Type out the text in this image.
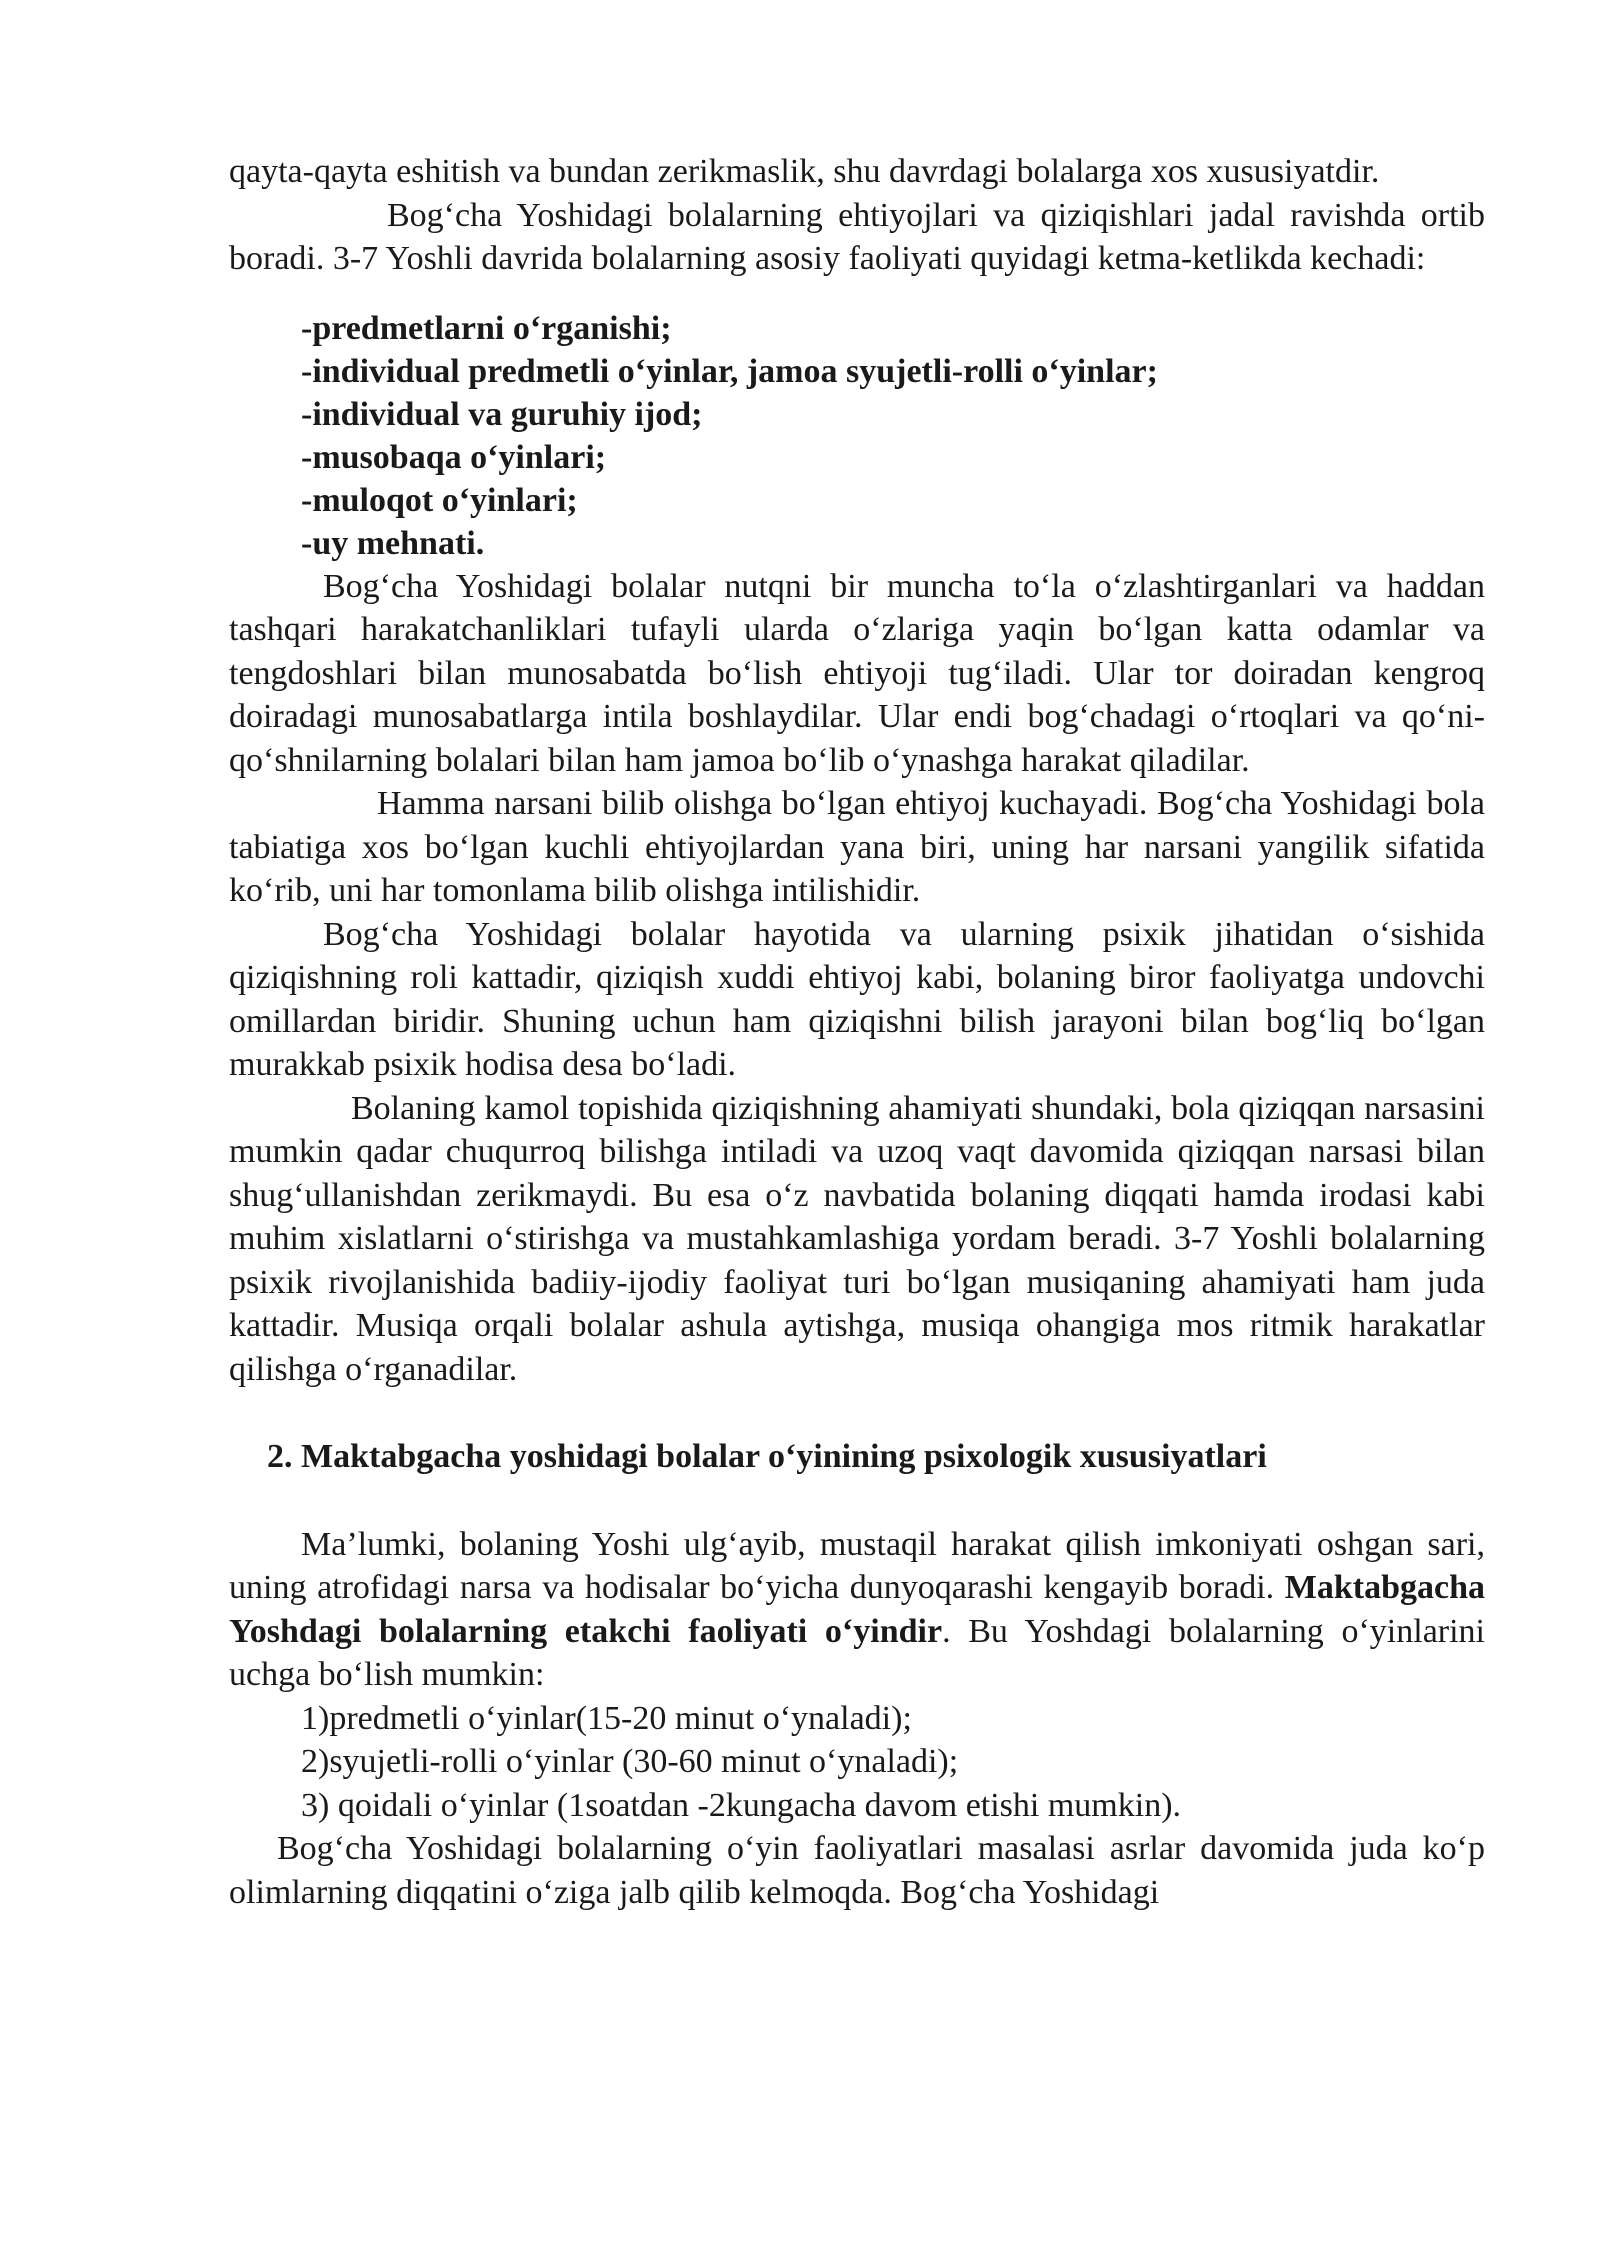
qayta-qayta eshitish va bundan zerikmaslik, shu davrdagi bolalarga xos xususiyatdir.

Bog‘cha Yoshidagi bolalarning ehtiyojlari va qiziqishlari jadal ravishda ortib boradi. 3-7 Yoshli davrida bolalarning asosiy faoliyati quyidagi ketma-ketlikda kechadi:

-predmetlarni o‘rganishi;
-individual predmetli o‘yinlar, jamoa syujetli-rolli o‘yinlar;
-individual va guruhiy ijod;
-musobaqa o‘yinlari;
-muloqot o‘yinlari;
-uy mehnati.

Bog‘cha Yoshidagi bolalar nutqni bir muncha to‘la o‘zlashtirganlari va haddan tashqari harakatchanliklari tufayli ularda o‘zlariga yaqin bo‘lgan katta odamlar va tengdoshlari bilan munosabatda bo‘lish ehtiyoji tug‘iladi. Ular tor doiradan kengroq doiradagi munosabatlarga intila boshlaydilar. Ular endi bog‘chadagi o‘rtoqlari va qo‘ni-qo‘shnilarning bolalari bilan ham jamoa bo‘lib o‘ynashga harakat qiladilar.

Hamma narsani bilib olishga bo‘lgan ehtiyoj kuchayadi. Bog‘cha Yoshidagi bola tabiatiga xos bo‘lgan kuchli ehtiyojlardan yana biri, uning har narsani yangilik sifatida ko‘rib, uni har tomonlama bilib olishga intilishidir.

Bog‘cha Yoshidagi bolalar hayotida va ularning psixik jihatidan o‘sishida qiziqishning roli kattadir, qiziqish xuddi ehtiyoj kabi, bolaning biror faoliyatga undovchi omillardan biridir. Shuning uchun ham qiziqishni bilish jarayoni bilan bog‘liq bo‘lgan murakkab psixik hodisa desa bo‘ladi.

Bolaning kamol topishida qiziqishning ahamiyati shundaki, bola qiziqqan narsasini mumkin qadar chuqurroq bilishga intiladi va uzoq vaqt davomida qiziqqan narsasi bilan shug‘ullanishdan zerikmaydi. Bu esa o‘z navbatida bolaning diqqati hamda irodasi kabi muhim xislatlarni o‘stirishga va mustahkamlashiga yordam beradi. 3-7 Yoshli bolalarning psixik rivojlanishida badiiy-ijodiy faoliyat turi bo‘lgan musiqaning ahamiyati ham juda kattadir. Musiqa orqali bolalar ashula aytishga, musiqa ohangiga mos ritmik harakatlar qilishga o‘rganadilar.

2. Maktabgacha yoshidagi bolalar o‘yinining psixologik xususiyatlari

Ma’lumki, bolaning Yoshi ulg‘ayib, mustaqil harakat qilish imkoniyati oshgan sari, uning atrofidagi narsa va hodisalar bo‘yicha dunyoqarashi kengayib boradi. Maktabgacha Yoshdagi bolalarning etakchi faoliyati o‘yindir. Bu Yoshdagi bolalarning o‘yinlarini uchga bo‘lish mumkin:

1)predmetli o‘yinlar(15-20 minut o‘ynaladi);
2)syujetli-rolli o‘yinlar (30-60 minut o‘ynaladi);
3) qoidali o‘yinlar (1soatdan -2kungacha davom etishi mumkin).

Bog‘cha Yoshidagi bolalarning o‘yin faoliyatlari masalasi asrlar davomida juda ko‘p olimlarning diqqatini o‘ziga jalb qilib kelmoqda. Bog‘cha Yoshidagi
